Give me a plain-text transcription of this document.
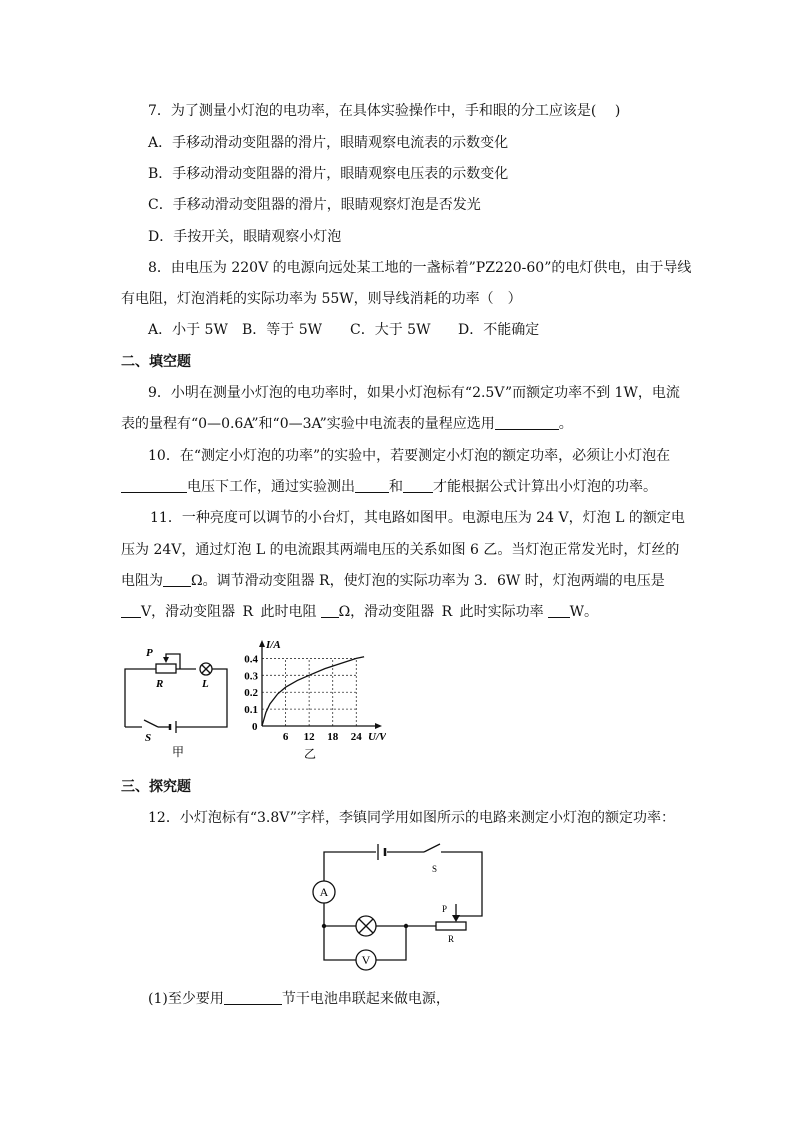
7．为了测量小灯泡的电功率，在具体实验操作中，手和眼的分工应该是(　 )
A．手移动滑动变阻器的滑片，眼睛观察电流表的示数变化
B．手移动滑动变阻器的滑片，眼睛观察电压表的示数变化
C．手移动滑动变阻器的滑片，眼睛观察灯泡是否发光
D．手按开关，眼睛观察小灯泡
8．由电压为 220V 的电源向远处某工地的一盏标着”PZ220-60”的电灯供电，由于导线
有电阻，灯泡消耗的实际功率为 55W，则导线消耗的功率（　）
A．小于 5W B．等于 5W C．大于 5W D．不能确定
二、填空题
9．小明在测量小灯泡的电功率时，如果小灯泡标有“2.5V”而额定功率不到 1W，电流
表的量程有“0—0.6A”和“0—3A”实验中电流表的量程应选用	。
10．在“测定小灯泡的功率”的实验中，若要测定小灯泡的额定功率，必须让小灯泡在
电压下工作，通过实验测出 和 才能根据公式计算出小灯泡的功率。
11．一种亮度可以调节的小台灯，其电路如图甲。电源电压为 24 V，灯泡 L 的额定电
压为 24V，通过灯泡 L 的电流跟其两端电压的关系如图 6 乙。当灯泡正常发光时，灯丝的
电阻为 Ω。调节滑动变阻器 R，使灯泡的实际功率为 3．6W 时，灯泡两端的电压是
V，滑动变阻器 R 此时电阻 Ω，滑动变阻器 R 此时实际功率 W。
P
R	L
S
甲
6 12 18 24
0.1
0.2
0.3
0.4
I/A
U/V
0
乙
三、探究题
12．小灯泡标有“3.8V”字样，李镇同学用如图所示的电路来测定小灯泡的额定功率：
A
V
S
P
R
(1)至少要用	节干电池串联起来做电源，
